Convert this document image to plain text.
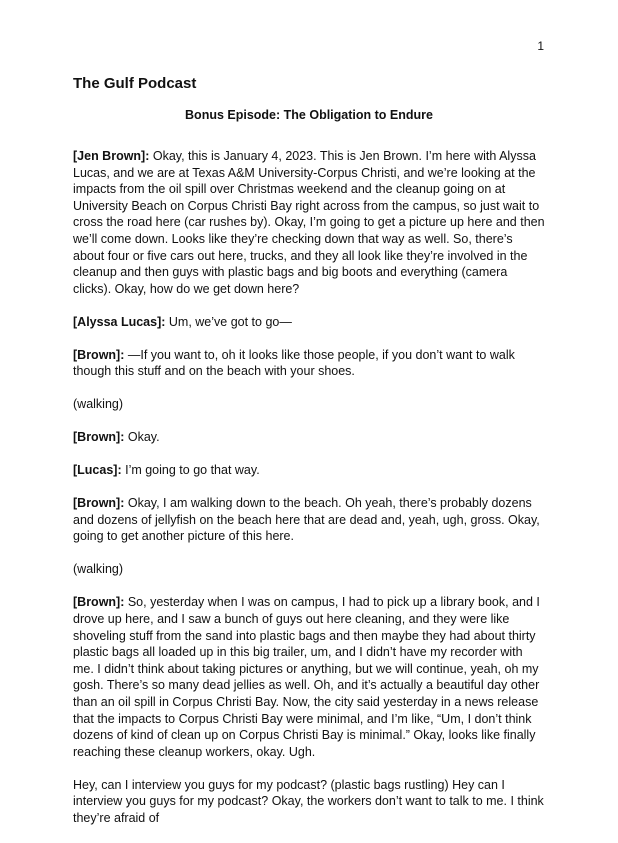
1
The Gulf Podcast
Bonus Episode: The Obligation to Endure

[Jen Brown]: Okay, this is January 4, 2023. This is Jen Brown. I’m here with Alyssa Lucas, and we are at Texas A&M University-Corpus Christi, and we’re looking at the impacts from the oil spill over Christmas weekend and the cleanup going on at University Beach on Corpus Christi Bay right across from the campus, so just wait to cross the road here (car rushes by). Okay, I’m going to get a picture up here and then we’ll come down. Looks like they’re checking down that way as well. So, there’s about four or five cars out here, trucks, and they all look like they’re involved in the cleanup and then guys with plastic bags and big boots and everything (camera clicks). Okay, how do we get down here?

[Alyssa Lucas]: Um, we’ve got to go—

[Brown]: —If you want to, oh it looks like those people, if you don’t want to walk though this stuff and on the beach with your shoes.

(walking)

[Brown]: Okay.

[Lucas]: I’m going to go that way.

[Brown]: Okay, I am walking down to the beach. Oh yeah, there’s probably dozens and dozens of jellyfish on the beach here that are dead and, yeah, ugh, gross. Okay, going to get another picture of this here.

(walking)

[Brown]: So, yesterday when I was on campus, I had to pick up a library book, and I drove up here, and I saw a bunch of guys out here cleaning, and they were like shoveling stuff from the sand into plastic bags and then maybe they had about thirty plastic bags all loaded up in this big trailer, um, and I didn’t have my recorder with me. I didn’t think about taking pictures or anything, but we will continue, yeah, oh my gosh. There’s so many dead jellies as well. Oh, and it’s actually a beautiful day other than an oil spill in Corpus Christi Bay. Now, the city said yesterday in a news release that the impacts to Corpus Christi Bay were minimal, and I’m like, “Um, I don’t think dozens of kind of clean up on Corpus Christi Bay is minimal.” Okay, looks like finally reaching these cleanup workers, okay. Ugh.

Hey, can I interview you guys for my podcast? (plastic bags rustling) Hey can I interview you guys for my podcast? Okay, the workers don’t want to talk to me. I think they’re afraid of
